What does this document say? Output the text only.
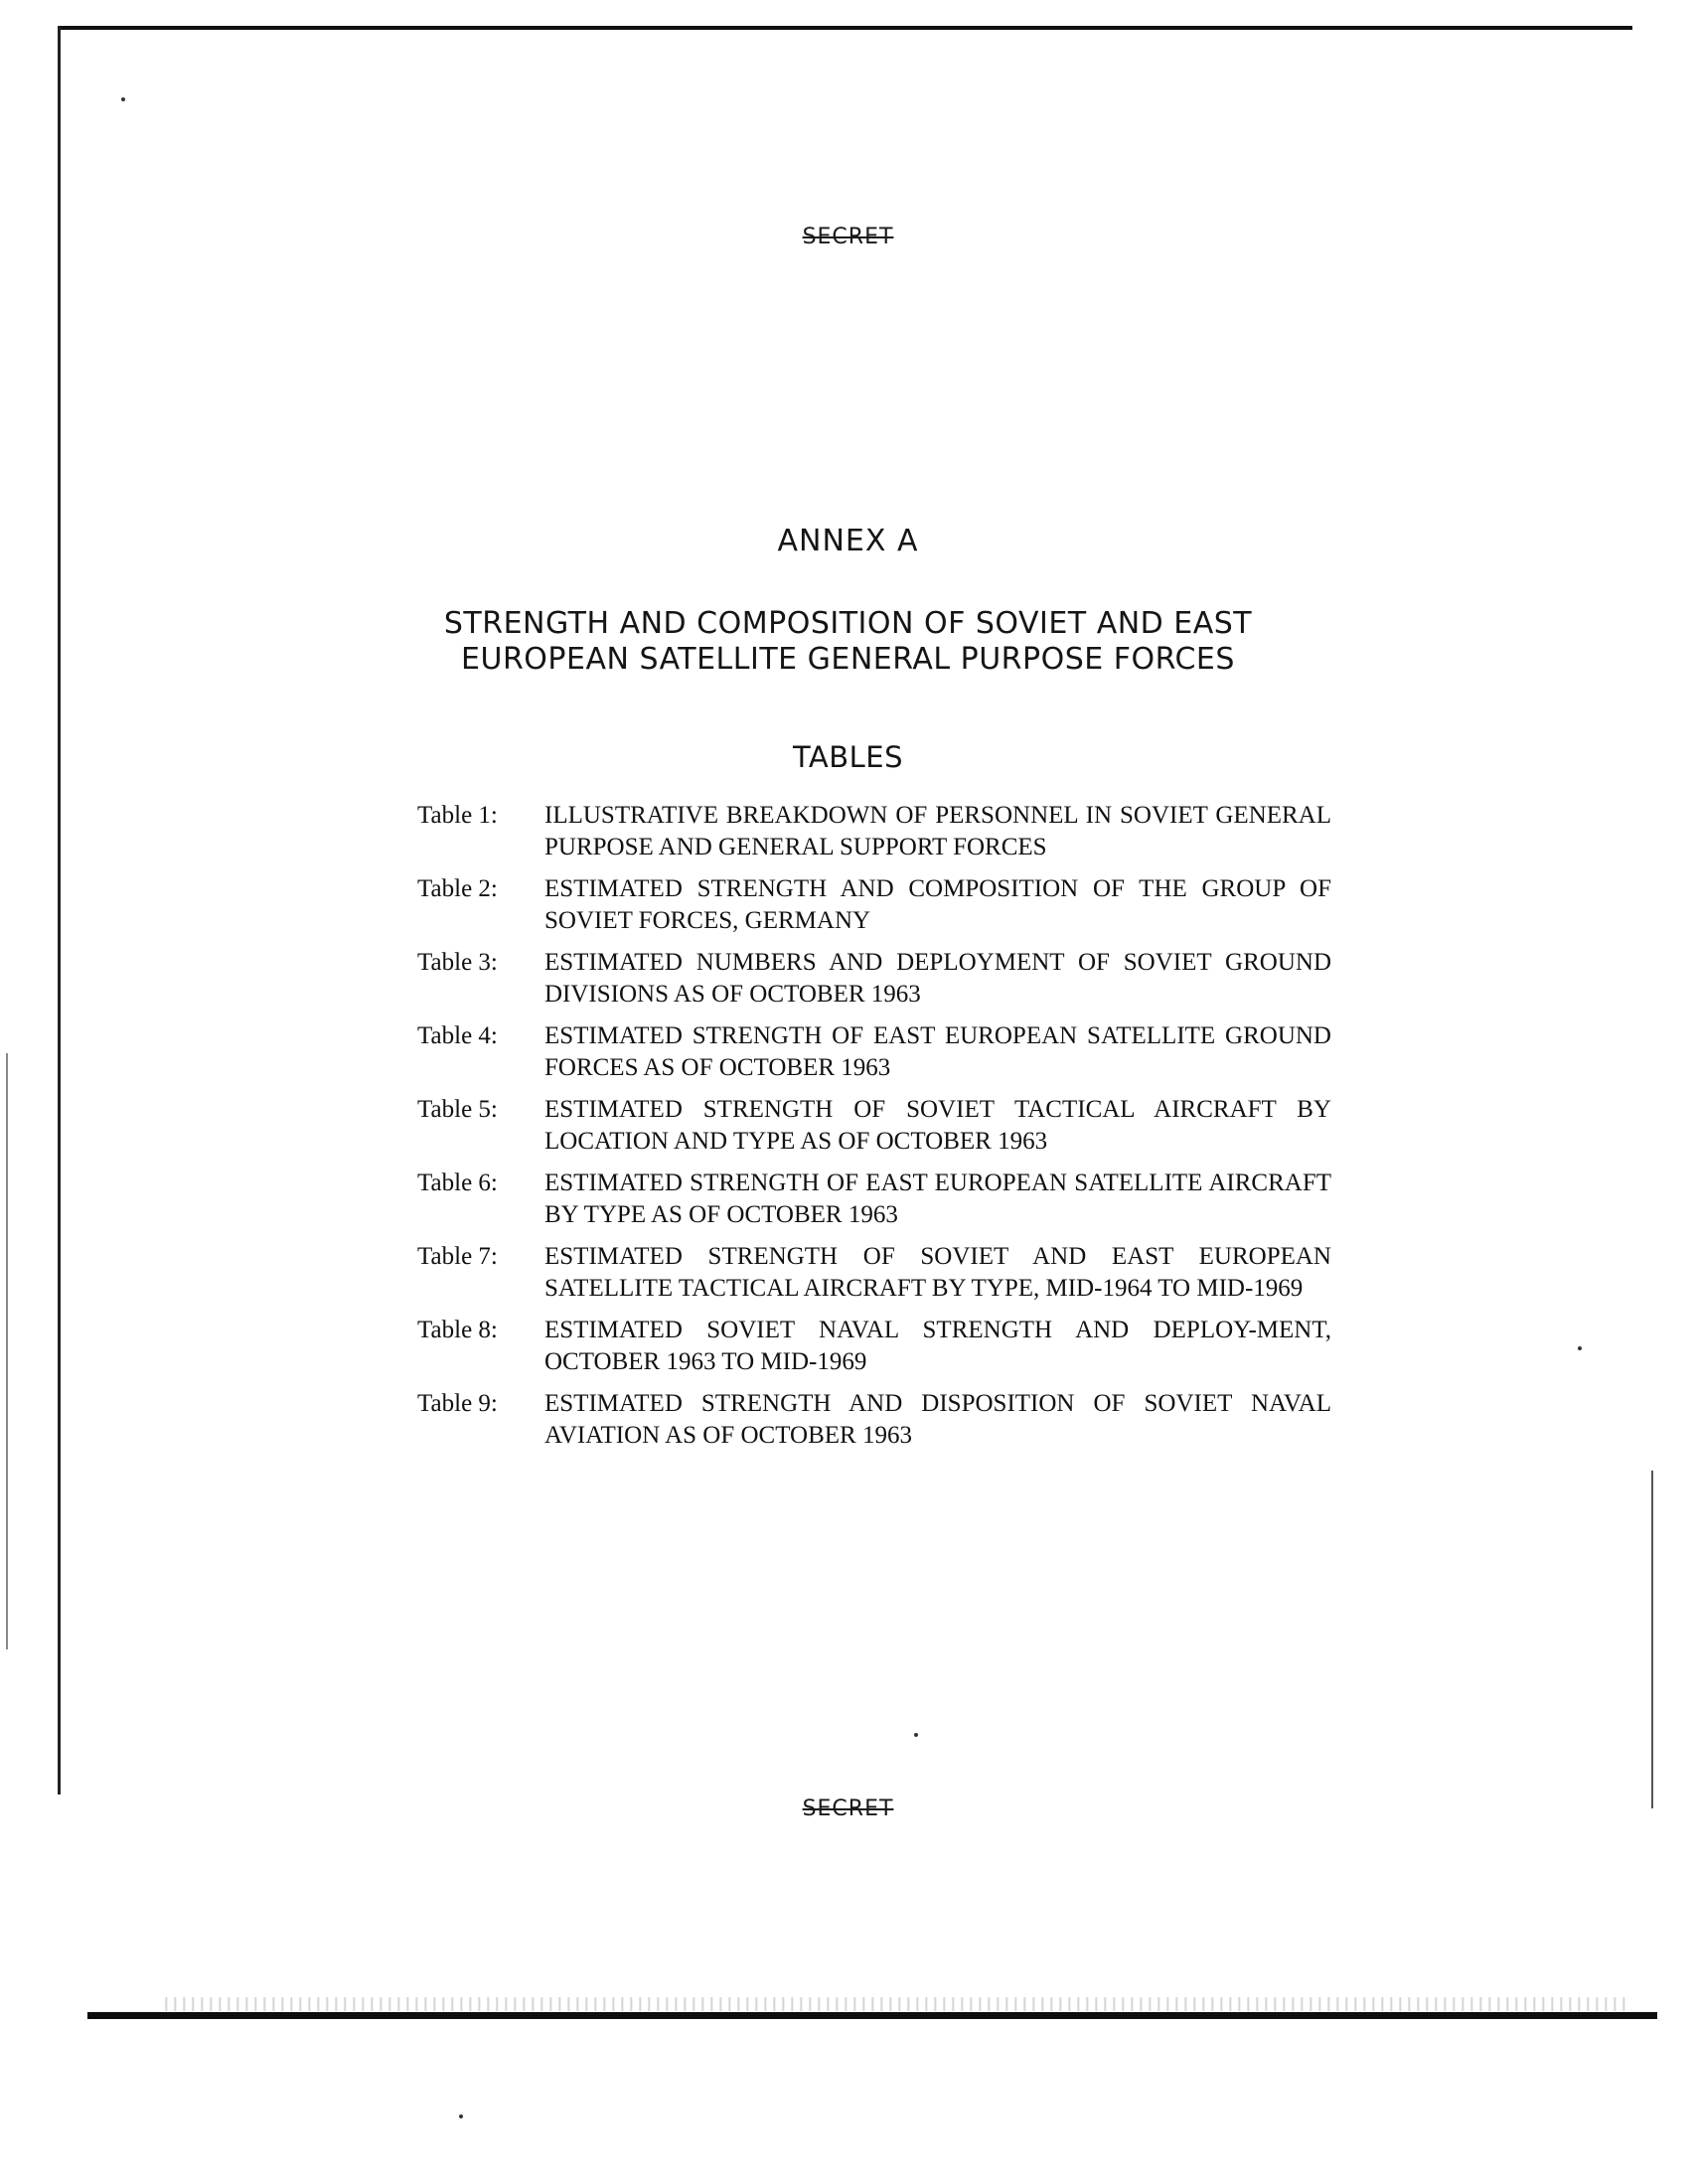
SECRET
ANNEX A
STRENGTH AND COMPOSITION OF SOVIET AND EAST
EUROPEAN SATELLITE GENERAL PURPOSE FORCES
TABLES
Table 1:	ILLUSTRATIVE BREAKDOWN OF PERSONNEL IN SOVIET GENERAL PURPOSE AND GENERAL SUPPORT FORCES
Table 2:	ESTIMATED STRENGTH AND COMPOSITION OF THE GROUP OF SOVIET FORCES, GERMANY
Table 3:	ESTIMATED NUMBERS AND DEPLOYMENT OF SOVIET GROUND DIVISIONS AS OF OCTOBER 1963
Table 4:	ESTIMATED STRENGTH OF EAST EUROPEAN SATELLITE GROUND FORCES AS OF OCTOBER 1963
Table 5:	ESTIMATED STRENGTH OF SOVIET TACTICAL AIRCRAFT BY LOCATION AND TYPE AS OF OCTOBER 1963
Table 6:	ESTIMATED STRENGTH OF EAST EUROPEAN SATELLITE AIRCRAFT BY TYPE AS OF OCTOBER 1963
Table 7:	ESTIMATED STRENGTH OF SOVIET AND EAST EUROPEAN SATELLITE TACTICAL AIRCRAFT BY TYPE, MID-1964 TO MID-1969
Table 8:	ESTIMATED SOVIET NAVAL STRENGTH AND DEPLOY-MENT, OCTOBER 1963 TO MID-1969
Table 9:	ESTIMATED STRENGTH AND DISPOSITION OF SOVIET NAVAL AVIATION AS OF OCTOBER 1963
SECRET
